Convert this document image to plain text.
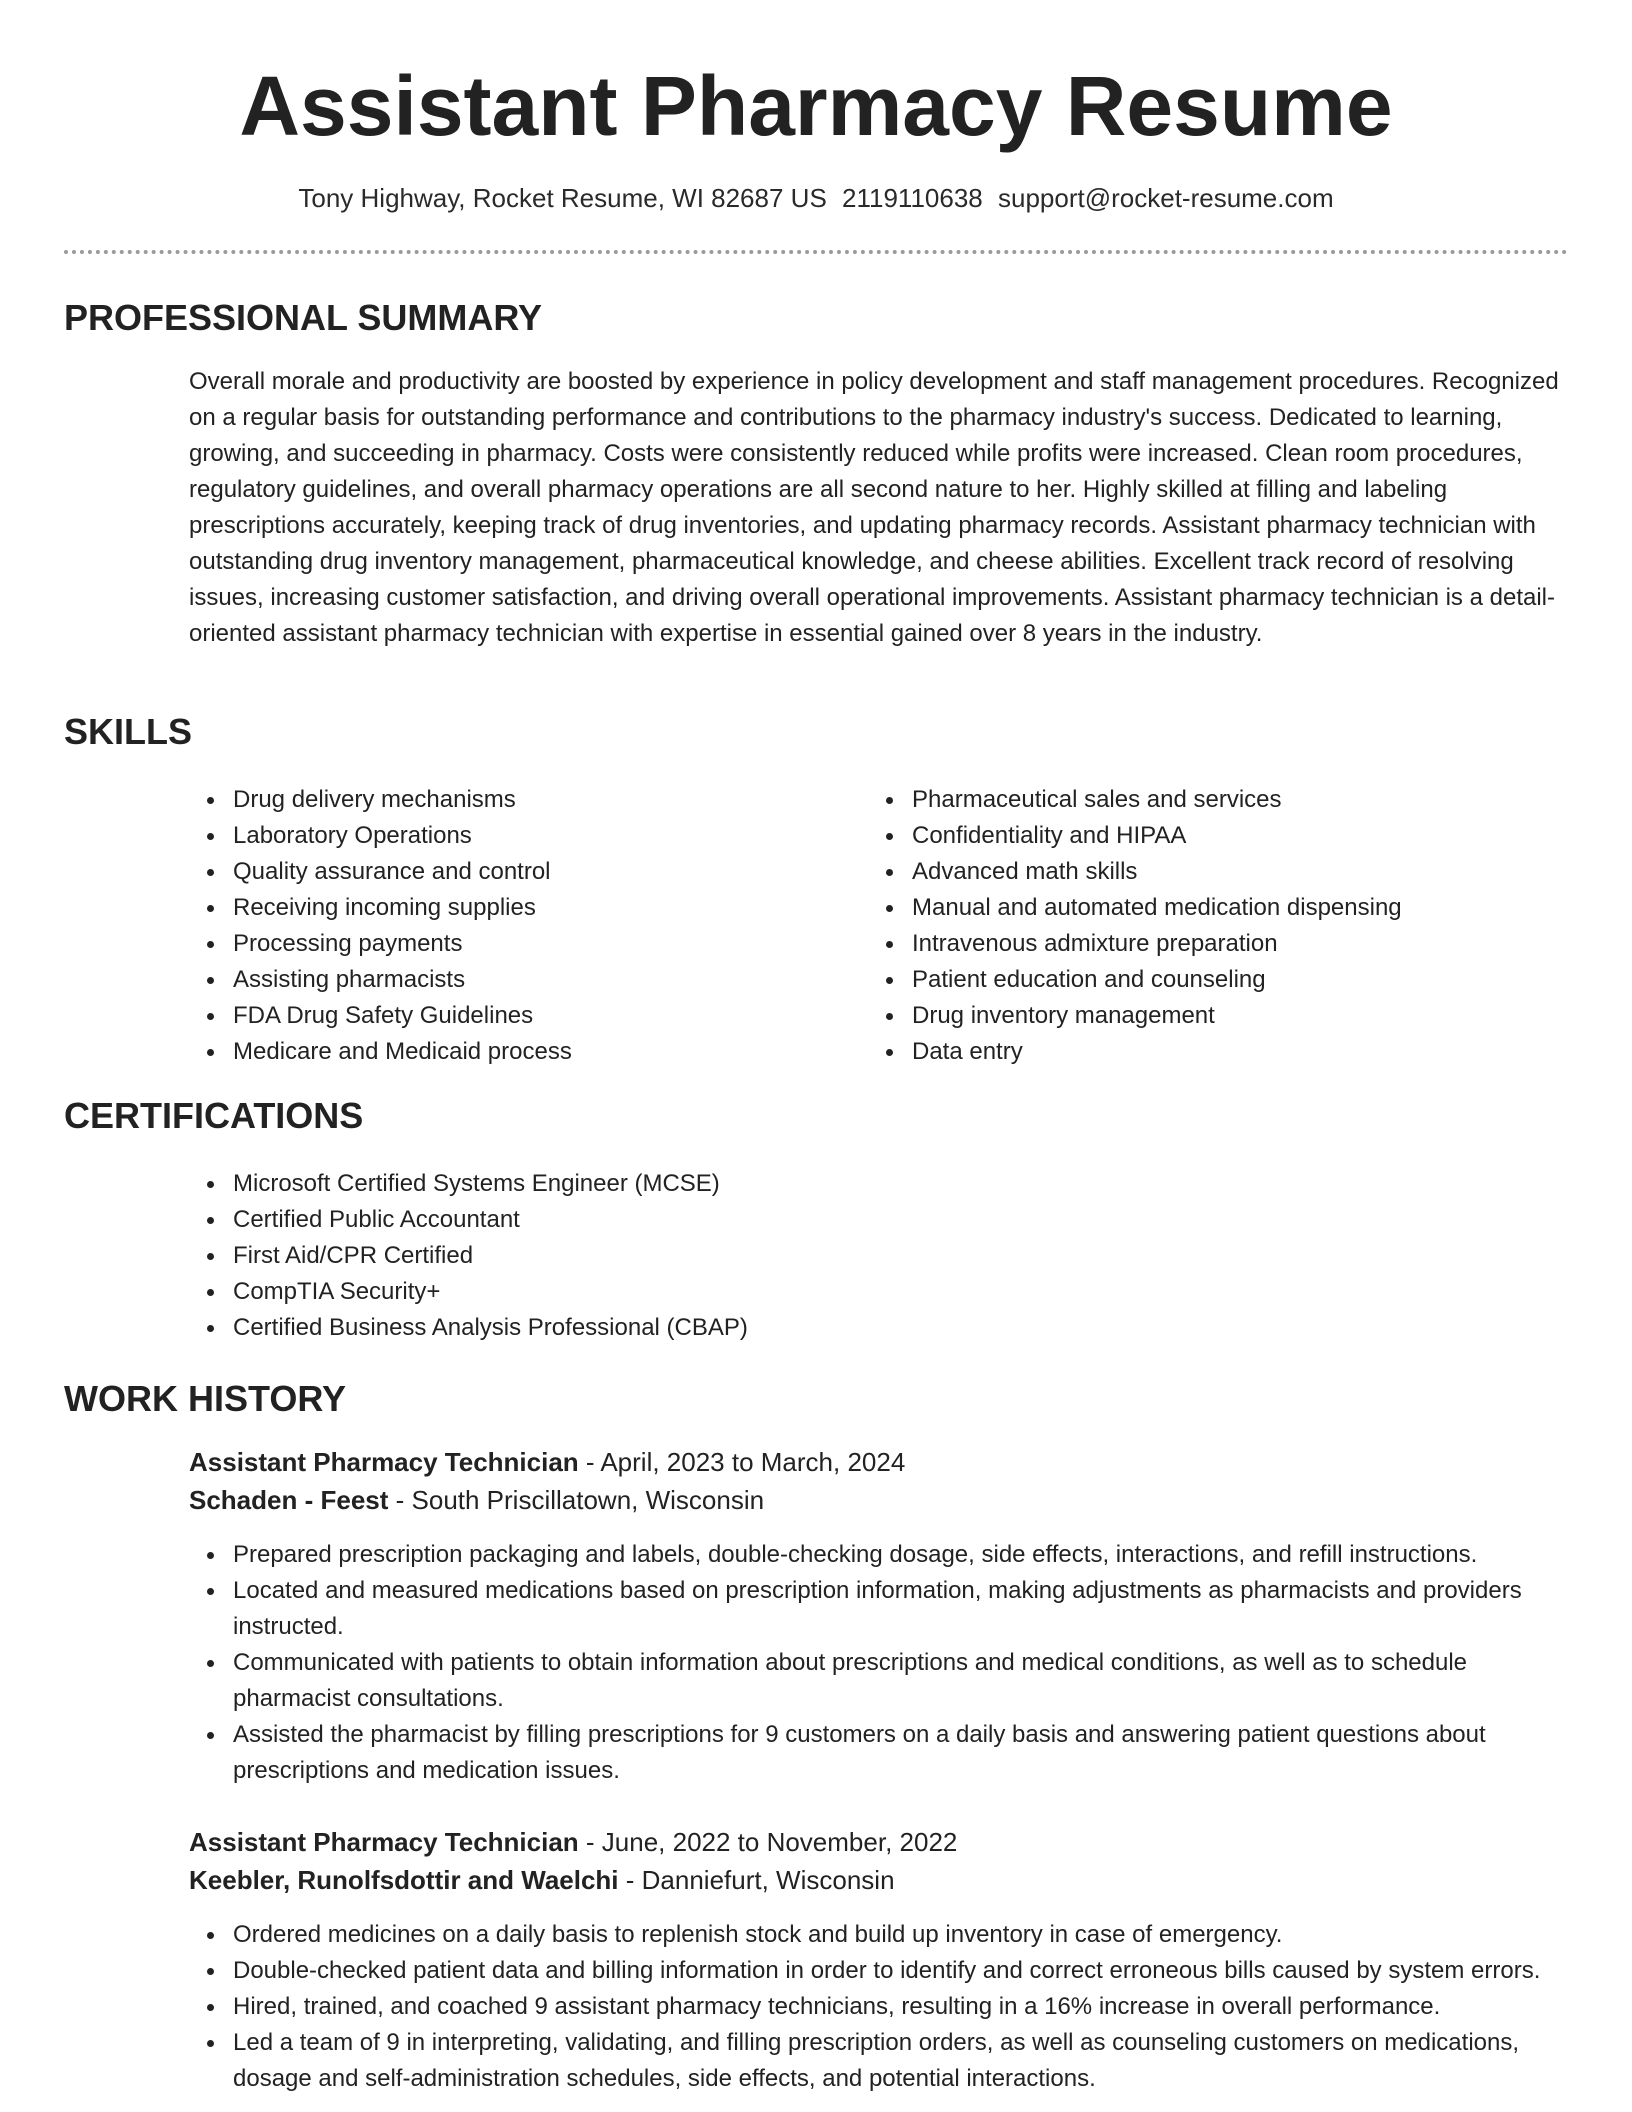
Assistant Pharmacy Resume
Tony Highway, Rocket Resume, WI 82687 US 2119110638 support@rocket-resume.com
PROFESSIONAL SUMMARY

Overall morale and productivity are boosted by experience in policy development and staff management procedures. Recognized on a regular basis for outstanding performance and contributions to the pharmacy industry's success. Dedicated to learning, growing, and succeeding in pharmacy. Costs were consistently reduced while profits were increased. Clean room procedures, regulatory guidelines, and overall pharmacy operations are all second nature to her. Highly skilled at filling and labeling prescriptions accurately, keeping track of drug inventories, and updating pharmacy records. Assistant pharmacy technician with outstanding drug inventory management, pharmaceutical knowledge, and cheese abilities. Excellent track record of resolving issues, increasing customer satisfaction, and driving overall operational improvements. Assistant pharmacy technician is a detail-oriented assistant pharmacy technician with expertise in essential gained over 8 years in the industry.

SKILLS
Drug delivery mechanisms
Laboratory Operations
Quality assurance and control
Receiving incoming supplies
Processing payments
Assisting pharmacists
FDA Drug Safety Guidelines
Medicare and Medicaid process
Pharmaceutical sales and services
Confidentiality and HIPAA
Advanced math skills
Manual and automated medication dispensing
Intravenous admixture preparation
Patient education and counseling
Drug inventory management
Data entry
CERTIFICATIONS
Microsoft Certified Systems Engineer (MCSE)
Certified Public Accountant
First Aid/CPR Certified
CompTIA Security+
Certified Business Analysis Professional (CBAP)
WORK HISTORY
Assistant Pharmacy Technician - April, 2023 to March, 2024
Schaden - Feest - South Priscillatown, Wisconsin
Prepared prescription packaging and labels, double-checking dosage, side effects, interactions, and refill instructions.
Located and measured medications based on prescription information, making adjustments as pharmacists and providers instructed.
Communicated with patients to obtain information about prescriptions and medical conditions, as well as to schedule pharmacist consultations.
Assisted the pharmacist by filling prescriptions for 9 customers on a daily basis and answering patient questions about prescriptions and medication issues.
Assistant Pharmacy Technician - June, 2022 to November, 2022
Keebler, Runolfsdottir and Waelchi - Danniefurt, Wisconsin
Ordered medicines on a daily basis to replenish stock and build up inventory in case of emergency.
Double-checked patient data and billing information in order to identify and correct erroneous bills caused by system errors.
Hired, trained, and coached 9 assistant pharmacy technicians, resulting in a 16% increase in overall performance.
Led a team of 9 in interpreting, validating, and filling prescription orders, as well as counseling customers on medications, dosage and self-administration schedules, side effects, and potential interactions.
